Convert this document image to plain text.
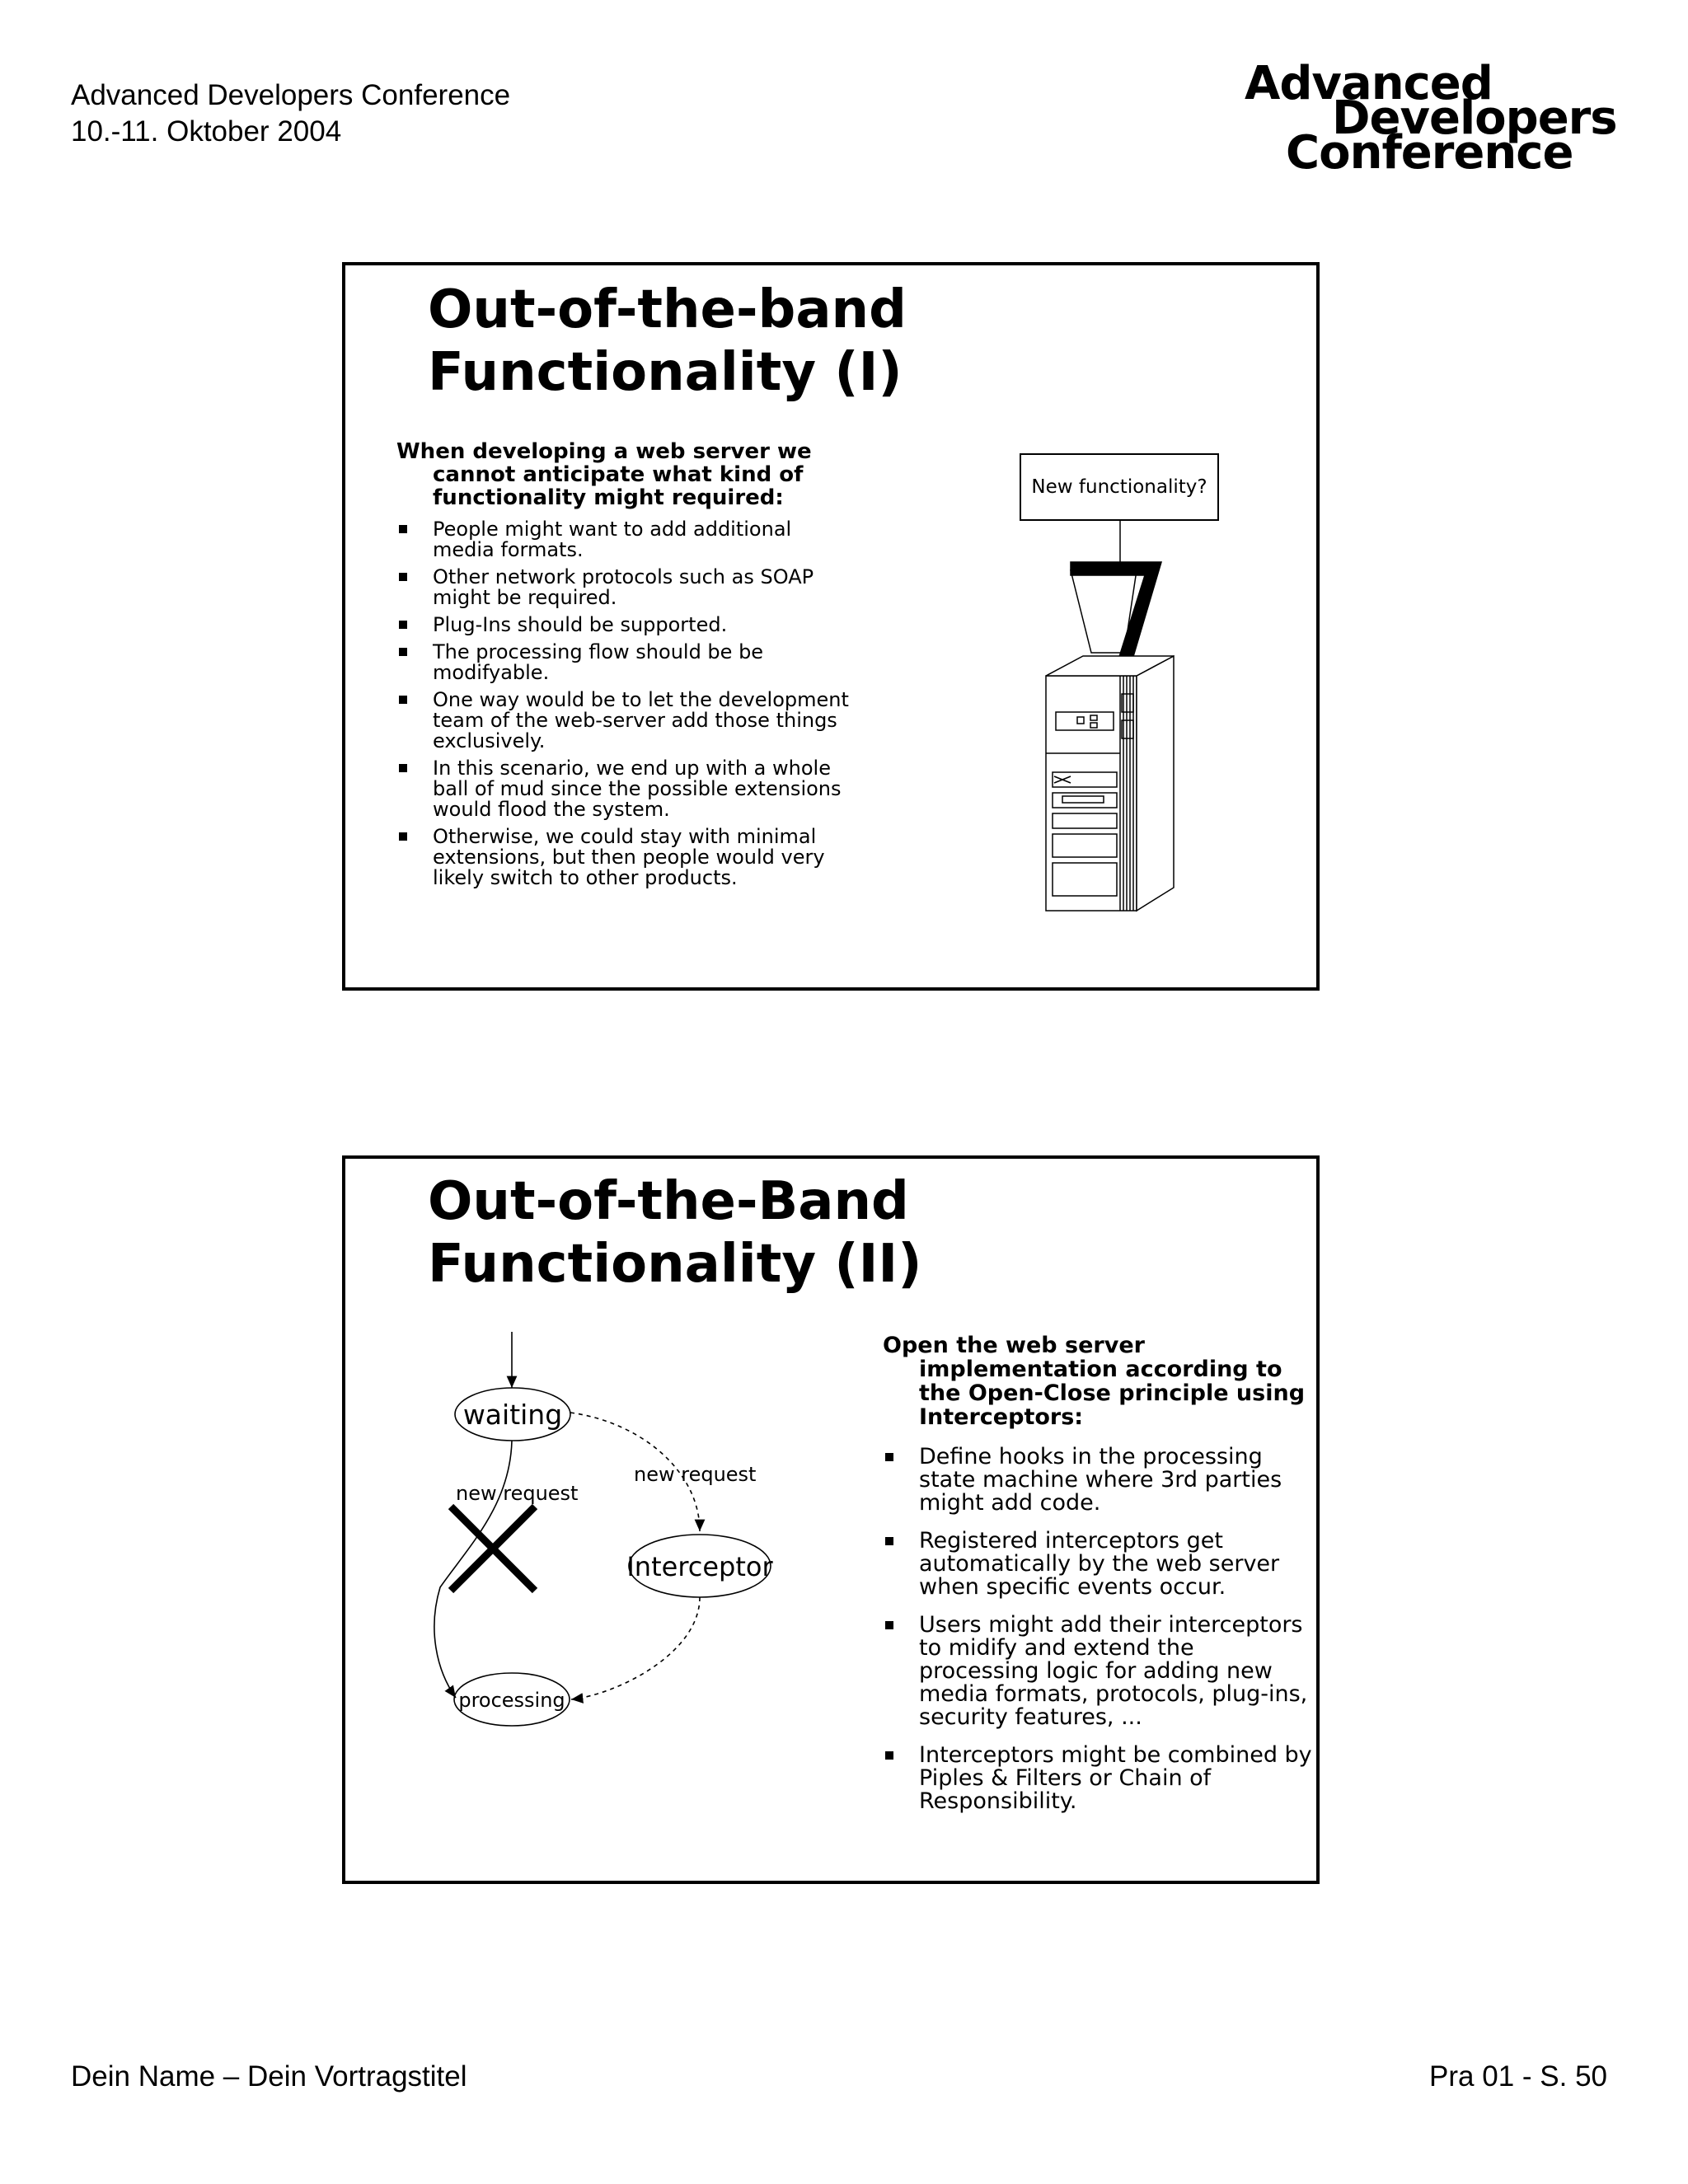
Advanced Developers Conference
10.-11. Oktober 2004
Advanced
Developers
Conference
Out-of-the-band
Functionality (I)
When developing a web server we
cannot anticipate what kind of functionality might required:
People might want to add additional media formats.
Other network protocols such as SOAP might be required.
Plug-Ins should be supported.
The processing flow should be be modifyable.
One way would be to let the development team of the web-server add those things exclusively.
In this scenario, we end up with a whole ball of mud since the possible extensions would flood the system.
Otherwise, we could stay with minimal extensions, but then people would very likely switch to other products.
New functionality?
Out-of-the-Band
Functionality (II)
waiting
Interceptor
processing
new request
new request
Open the web server
implementation according to the Open-Close principle using Interceptors:
Define hooks in the processing state machine where 3rd parties might add code.
Registered interceptors get automatically by the web server when specific events occur.
Users might add their interceptors to midify and extend the processing logic for adding new media formats, protocols, plug-ins, security features, ...
Interceptors might be combined by Piples & Filters or Chain of Responsibility.
Dein Name – Dein Vortragstitel	Pra 01 - S. 50
